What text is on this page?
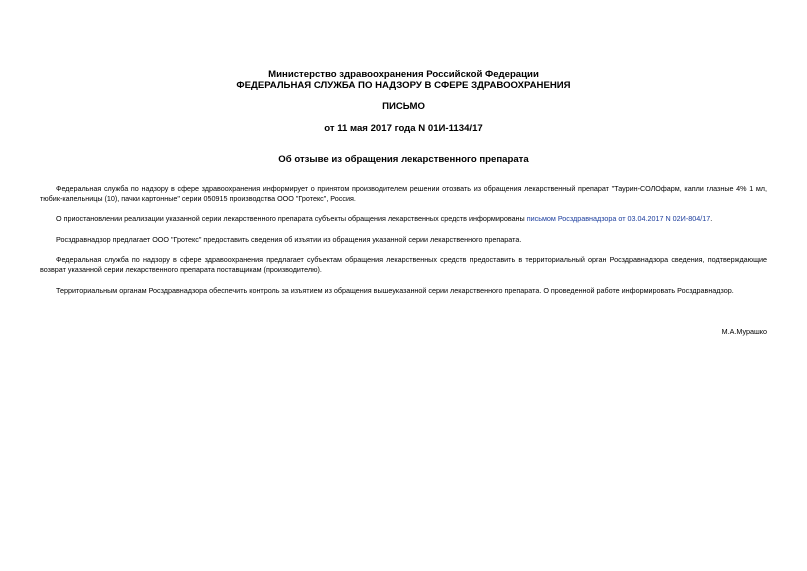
Министерство здравоохранения Российской Федерации
ФЕДЕРАЛЬНАЯ СЛУЖБА ПО НАДЗОРУ В СФЕРЕ ЗДРАВООХРАНЕНИЯ
ПИСЬМО
от 11 мая 2017 года N 01И-1134/17
Об отзыве из обращения лекарственного препарата

Федеральная служба по надзору в сфере здравоохранения информирует о принятом производителем решении отозвать из обращения лекарственный препарат "Таурин-СОЛОфарм, капли глазные 4% 1 мл, тюбик-капельницы (10), пачки картонные" серии 050915 производства ООО "Гротекс", Россия.

О приостановлении реализации указанной серии лекарственного препарата субъекты обращения лекарственных средств информированы письмом Росздравнадзора от 03.04.2017 N 02И-804/17.

Росздравнадзор предлагает ООО "Гротекс" предоставить сведения об изъятии из обращения указанной серии лекарственного препарата.

Федеральная служба по надзору в сфере здравоохранения предлагает субъектам обращения лекарственных средств предоставить в территориальный орган Росздравнадзора сведения, подтверждающие возврат указанной серии лекарственного препарата поставщикам (производителю).

Территориальным органам Росздравнадзора обеспечить контроль за изъятием из обращения вышеуказанной серии лекарственного препарата. О проведенной работе информировать Росздравнадзор.

М.А.Мурашко
